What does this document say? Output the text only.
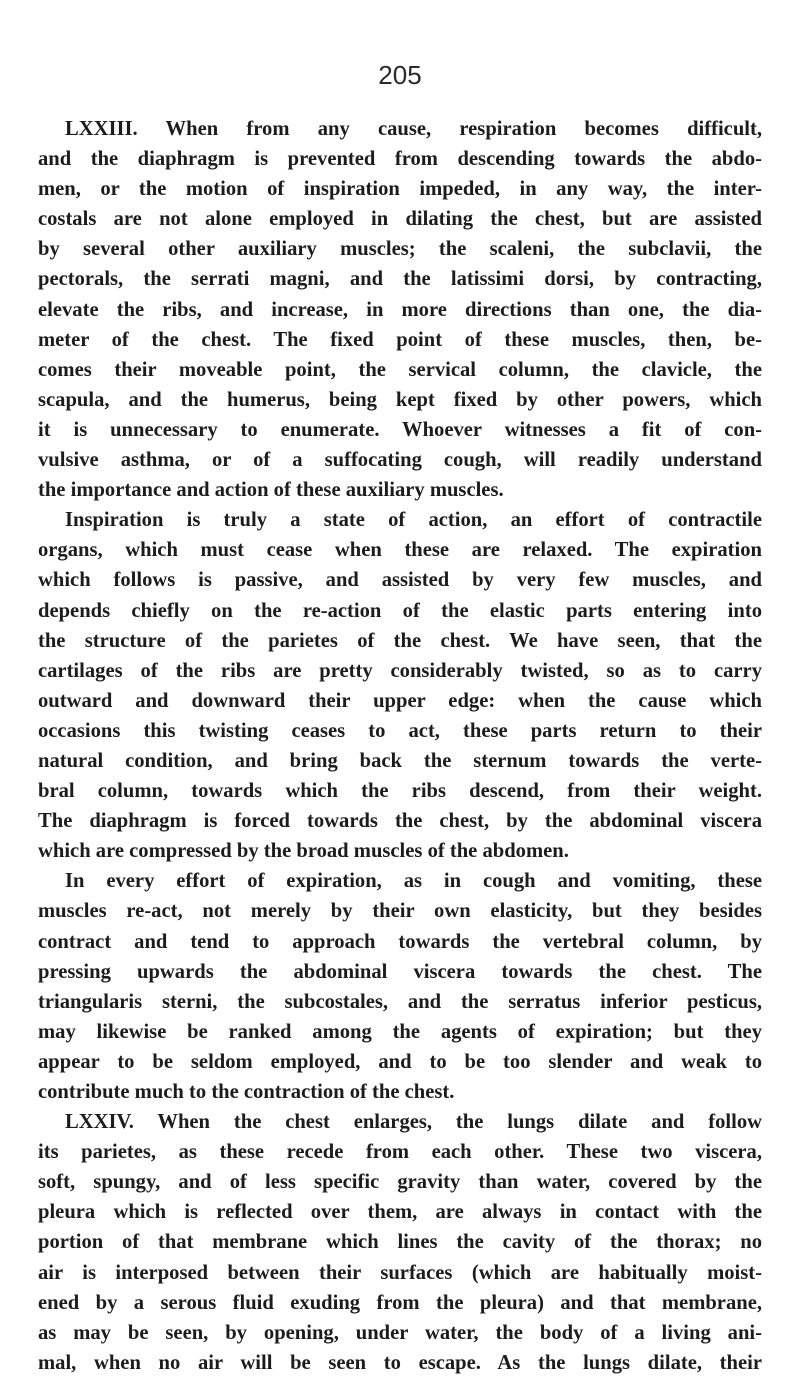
205
LXXIII. When from any cause, respiration becomes difficult,
and the diaphragm is prevented from descending towards the abdo-
men, or the motion of inspiration impeded, in any way, the inter-
costals are not alone employed in dilating the chest, but are assisted
by several other auxiliary muscles; the scaleni, the subclavii, the
pectorals, the serrati magni, and the latissimi dorsi, by contracting,
elevate the ribs, and increase, in more directions than one, the dia-
meter of the chest. The fixed point of these muscles, then, be-
comes their moveable point, the servical column, the clavicle, the
scapula, and the humerus, being kept fixed by other powers, which
it is unnecessary to enumerate. Whoever witnesses a fit of con-
vulsive asthma, or of a suffocating cough, will readily understand
the importance and action of these auxiliary muscles.
Inspiration is truly a state of action, an effort of contractile
organs, which must cease when these are relaxed. The expiration
which follows is passive, and assisted by very few muscles, and
depends chiefly on the re-action of the elastic parts entering into
the structure of the parietes of the chest. We have seen, that the
cartilages of the ribs are pretty considerably twisted, so as to carry
outward and downward their upper edge: when the cause which
occasions this twisting ceases to act, these parts return to their
natural condition, and bring back the sternum towards the verte-
bral column, towards which the ribs descend, from their weight.
The diaphragm is forced towards the chest, by the abdominal viscera
which are compressed by the broad muscles of the abdomen.
In every effort of expiration, as in cough and vomiting, these
muscles re-act, not merely by their own elasticity, but they besides
contract and tend to approach towards the vertebral column, by
pressing upwards the abdominal viscera towards the chest. The
triangularis sterni, the subcostales, and the serratus inferior pesticus,
may likewise be ranked among the agents of expiration; but they
appear to be seldom employed, and to be too slender and weak to
contribute much to the contraction of the chest.
LXXIV. When the chest enlarges, the lungs dilate and follow
its parietes, as these recede from each other. These two viscera,
soft, spungy, and of less specific gravity than water, covered by the
pleura which is reflected over them, are always in contact with the
portion of that membrane which lines the cavity of the thorax; no
air is interposed between their surfaces (which are habitually moist-
ened by a serous fluid exuding from the pleura) and that membrane,
as may be seen, by opening, under water, the body of a living ani-
mal, when no air will be seen to escape. As the lungs dilate, their
